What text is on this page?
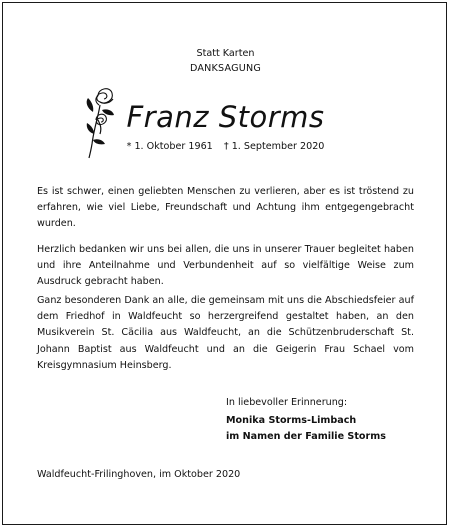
Statt Karten
DANKSAGUNG
Franz Storms
* 1. Oktober 1961 † 1. September 2020

Es ist schwer, einen geliebten Menschen zu verlieren, aber es ist tröstend zu erfahren, wie viel Liebe, Freundschaft und Achtung ihm entgegengebracht wurden.

Herzlich bedanken wir uns bei allen, die uns in unserer Trauer begleitet haben und ihre Anteilnahme und Verbundenheit auf so vielfältige Weise zum Ausdruck gebracht haben.

Ganz besonderen Dank an alle, die gemeinsam mit uns die Abschiedsfeier auf dem Friedhof in Waldfeucht so herzergreifend gestaltet haben, an den Musikverein St. Cäcilia aus Waldfeucht, an die Schützenbruderschaft St. Johann Baptist aus Waldfeucht und an die Geigerin Frau Schael vom Kreisgymnasium Heinsberg.

In liebevoller Erinnerung:
Monika Storms-Limbach
im Namen der Familie Storms
Waldfeucht-Frilinghoven, im Oktober 2020
